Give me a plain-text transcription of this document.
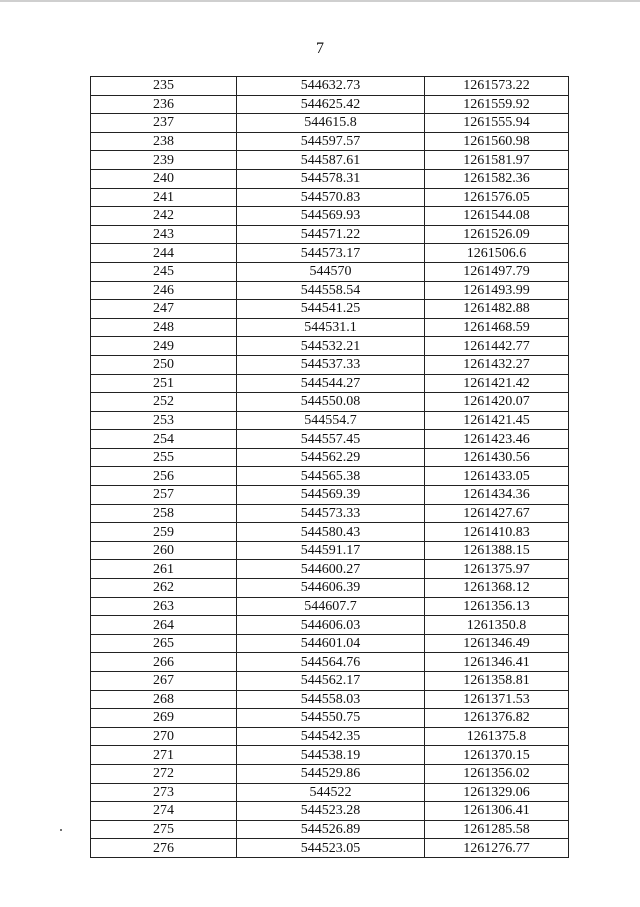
7
235	544632.73	1261573.22
236	544625.42	1261559.92
237	544615.8	1261555.94
238	544597.57	1261560.98
239	544587.61	1261581.97
240	544578.31	1261582.36
241	544570.83	1261576.05
242	544569.93	1261544.08
243	544571.22	1261526.09
244	544573.17	1261506.6
245	544570	1261497.79
246	544558.54	1261493.99
247	544541.25	1261482.88
248	544531.1	1261468.59
249	544532.21	1261442.77
250	544537.33	1261432.27
251	544544.27	1261421.42
252	544550.08	1261420.07
253	544554.7	1261421.45
254	544557.45	1261423.46
255	544562.29	1261430.56
256	544565.38	1261433.05
257	544569.39	1261434.36
258	544573.33	1261427.67
259	544580.43	1261410.83
260	544591.17	1261388.15
261	544600.27	1261375.97
262	544606.39	1261368.12
263	544607.7	1261356.13
264	544606.03	1261350.8
265	544601.04	1261346.49
266	544564.76	1261346.41
267	544562.17	1261358.81
268	544558.03	1261371.53
269	544550.75	1261376.82
270	544542.35	1261375.8
271	544538.19	1261370.15
272	544529.86	1261356.02
273	544522	1261329.06
274	544523.28	1261306.41
275	544526.89	1261285.58
276	544523.05	1261276.77
